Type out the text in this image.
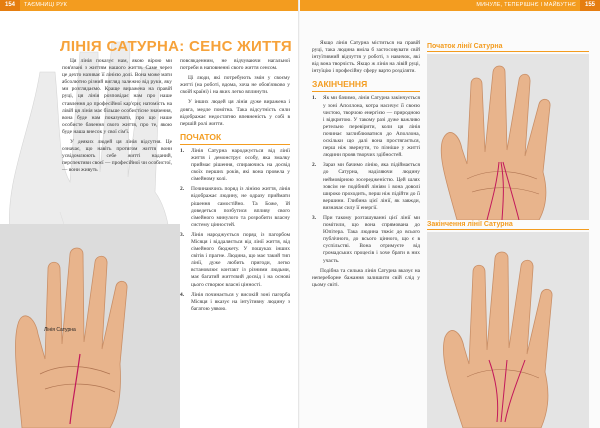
154	ТАЄМНИЦІ РУК
ЛІНІЯ САТУРНА: СЕНС ЖИТТЯ

Ця лінія показує нам, якою вірою ми пов'язані з життям нашого життя. Саме через це дехто називає її лінією долі. Вона може мати абсолютно різний вигляд залежно від руки, яку ми розглядаємо. Краще виражена на правій руці, ця лінія розповідає нам про наше ставлення до професійної кар'єри; натомість на лівій ця лінія має більше особистісне значення, вона буде нам показувати, про що наше особисте бачення свого життя, про те, якою буде наша внесок у свої сім'ї.

У деяких людей ця лінія відсутня. Це означає, що навіть протягом життя вони усвідомлюють себе житті наданий, перспективи своєї — професійної чи особистої, — вони живуть

повсякденним, не відчуваючи нагальної потреби в наповненні свого життя сенсом.

Ці люди, які потребують змін у своєму житті (на роботі, вдома, хоча не обов'язково у своїй країні) і на яких легко вплинути.

У інших людей ця лінія дуже виражена і довга, медле помітна. Така відсутність сили відображає недостатню впевненість у собі в першій ролі життя.

ПОЧАТОК
1. Лінія Сатурна народжується від лінії життя і демонструє особу, яка змалку приймає рішення, спираючись на досвід своїх перших років, які вона провела у сімейному колі.
2. Починаючись поряд із лінією життя, лінія відображає людину, не одразу приймати рішення самостійно. Та Боже, їй доведеться позбутися впливу свого сімейного минулого та розробити власну систему цінностей.
3. Лінія народжується поряд із пагорбом Місяця і віддаляється від лінії життя, від сімейного бюджету. У пошуках інших світів і прагне. Людина, що має такий тип лінії, дуже любить пригоди, легко встановлює контакт із різними людьми, має багатий життєвий досвід і на основі цього створює власні цінності.
4. Лінія починається у високій зоні пагорба Місяця і вказує на інтуїтивну людину з багатою уявою.
Лінія Сатурна
МИНУЛЕ, ТЕПЕРІШНЄ І МАЙБУТНЄ	155

Якщо лінія Сатурна міститься на правій руці, така людина вміла б застосовувати свій інтуїтивний відчуття у роботі, з навичок, які від вона творчість. Якщо ж лінія на лівій руці, інтуїцію і професійну сферу варто розділяти.

ЗАКІНЧЕННЯ
1. Як ми бачимо, лінія Сатурна закінчується у зоні Аполлона, котра насичує її своєю чистою, творчою енергією — природною і відкритою. У такому разі дуже важливо ретельно перевірити, коли ця лінія починає заглиблюватися до Аполлона, оскільки що далі вона простягається, перш ніж звернути, то пізніше у житті людини прояв творчих здібностей.
2. Зараз ми бачимо лінію, яка підіймається до Сатурна, наділяючи людину неймовірною зосередженістю. Цей шлях зовсім не подібний лініям і вона доволі широко проходить, перш ніж підійти до її вершини. Глибина цієї лінії, як завжди, визначає силу її енергії.
3. При такому розташуванні цієї лінії ми помітили, що вона спрямована до Юпітера. Така людина тяжіє до всього публічного, до всього цінного, що є в суспільстві. Вона отримуєте від громадських процесів і хоче брати в них участь.

Подібна та сильна лінія Сатурна вказує на непереборне бажання залишити свій слід у цьому світі.

Початок лінії Сатурна
Закінчення лінії Сатурна
